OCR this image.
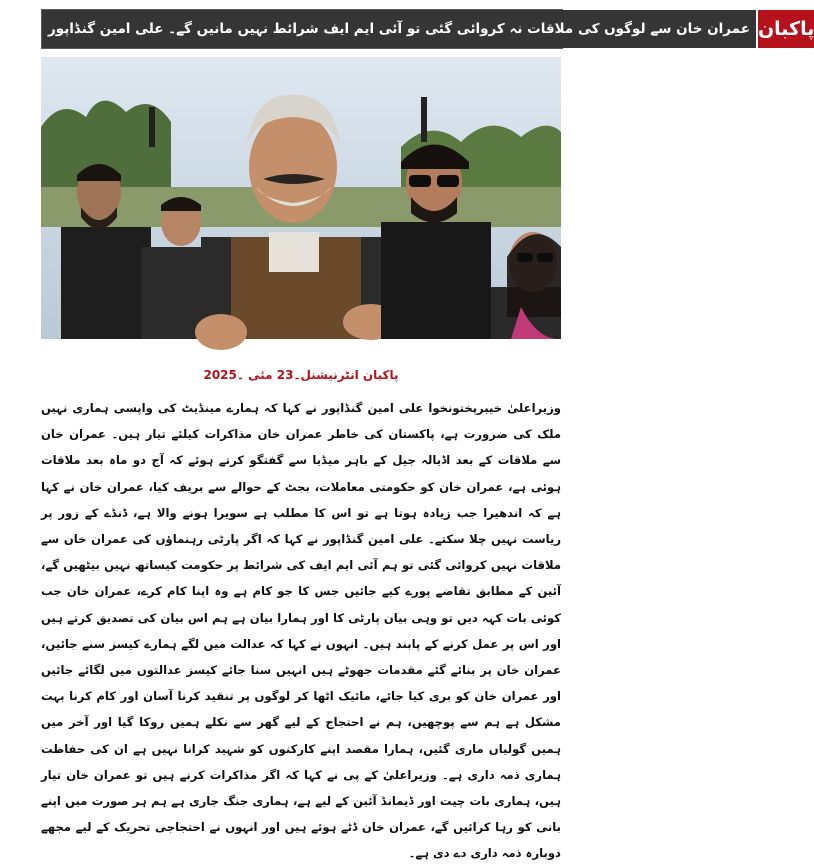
عمران خان سے لوگوں کی ملاقات نہ کروائی گئی تو آئی ایم ایف شرائط نہیں مانیں گے۔ علی امین گنڈاپور پاکبان
پاکبان انٹرنیشنل۔23 مئی ۔2025
وزیراعلیٰ خیبرپختونخوا علی امین گنڈاپور نے کہا کہ ہمارے مینڈیٹ کی واپسی ہماری نہیں ملک کی ضرورت ہے، پاکستان کی خاطر عمران خان مذاکرات کیلئے تیار ہیں۔ عمران خان سے ملاقات کے بعد اڈیالہ جیل کے باہر میڈیا سے گفتگو کرتے ہوئے کہ آج دو ماہ بعد ملاقات ہوئی ہے، عمران خان کو حکومتی معاملات، بجٹ کے حوالے سے بریف کیا، عمران خان نے کہا ہے کہ اندھیرا جب زیادہ ہوتا ہے تو اس کا مطلب ہے سویرا ہونے والا ہے، ڈنڈے کے زور پر ریاست نہیں چلا سکتے۔ علی امین گنڈاپور نے کہا کہ اگر پارٹی رہنماؤں کی عمران خان سے ملاقات نہیں کروائی گئی تو ہم آئی ایم ایف کی شرائط پر حکومت کیساتھ نہیں بیٹھیں گے، آئین کے مطابق تقاضے پورے کیے جائیں جس کا جو کام ہے وہ اپنا کام کرے، عمران خان جب کوئی بات کہہ دیں تو وہی بیان پارٹی کا اور ہمارا بیان ہے ہم اس بیان کی تصدیق کرتے ہیں اور اس پر عمل کرنے کے پابند ہیں۔ انہوں نے کہا کہ عدالت میں لگے ہمارے کیسز سنے جائیں، عمران خان پر بنائے گئے مقدمات جھوٹے ہیں انہیں سنا جائے کیسز عدالتوں میں لگائے جائیں اور عمران خان کو بری کیا جائے، مائیک اٹھا کر لوگوں پر تنقید کرنا آسان اور کام کرنا بہت مشکل ہے ہم سے پوچھیں، ہم نے احتجاج کے لیے گھر سے نکلے ہمیں روکا گیا اور آخر میں ہمیں گولیاں ماری گئیں، ہمارا مقصد اپنے کارکنوں کو شہید کرانا نہیں ہے ان کی حفاظت ہماری ذمہ داری ہے۔ وزیراعلیٰ کے پی نے کہا کہ اگر مذاکرات کرنے ہیں تو عمران خان تیار ہیں، ہماری بات چیت اور ڈیمانڈ آئین کے لیے ہے، ہماری جنگ جاری ہے ہم ہر صورت میں اپنے بانی کو رہا کرائیں گے، عمران خان ڈٹے ہوئے ہیں اور انہوں نے احتجاجی تحریک کے لیے مجھے دوبارہ ذمہ داری دے دی ہے۔
